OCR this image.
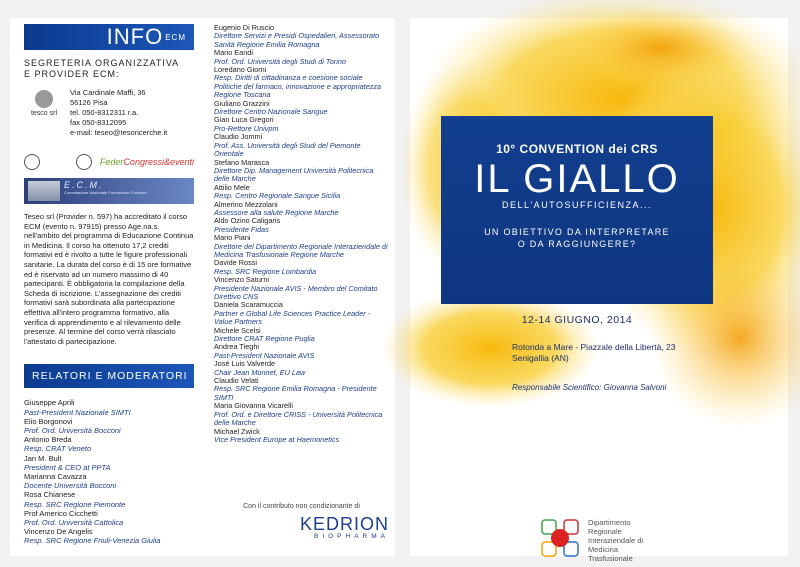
INFO ECM
SEGRETERIA ORGANIZZATIVA
E PROVIDER ECM:
tesco srl
Via Cardinale Maffi, 36
56126 Pisa
tel. 050-8312311 r.a.
fax 050-8312095
e-mail: teseo@tesoricerche.it
FederCongressi&eventi
E.C.M.
Commissione Nazionale Formazione Continua
Teseo srl (Provider n. 597) ha accreditato il corso ECM (evento n. 97915) presso Age.na.s. nell'ambito del programma di Educazione Continua in Medicina. Il corso ha ottenuto 17,2 crediti formativi ed è rivolto a tutte le figure professionali sanitarie. La durata del corso è di 15 ore formative ed è riservato ad un numero massimo di 40 partecipanti. È obbligatoria la compilazione della Scheda di iscrizione. L'assegnazione dei crediti formativi sarà subordinata alla partecipazione effettiva all'intero programma formativo, alla verifica di apprendimento e al rilevamento delle presenze. Al termine del corso verrà rilasciato l'attestato di partecipazione.
RELATORI E MODERATORI
Giuseppe Aprili
Past-President Nazionale SIMTI
Elio Borgonovi
Prof. Ord. Università Bocconi
Antonio Breda
Resp. CRAT Veneto
Jan M. Bult
President & CEO at PPTA
Marianna Cavazza
Docente Università Bocconi
Rosa Chianese
Resp. SRC Regione Piemonte
Prof Americo Cicchetti
Prof. Ord. Università Cattolica
Vincenzo De Angelis
Resp. SRC Regione Friuli-Venezia Giulia
Eugenio Di Ruscio
Direttore Servizi e Presidi Ospedalieri, Assessorato Sanità Regione Emilia Romagna
Mario Eandi
Prof. Ord. Università degli Studi di Torino
Loredano Giorni
Resp. Diritti di cittadinanza e coesione sociale Politiche del farmaco, innovazione e appropriatezza Regione Toscana
Giuliano Grazzini
Direttore Centro Nazionale Sangue
Gian Luca Gregori
Pro-Rettore Univpm
Claudio Jommi
Prof. Ass. Università degli Studi del Piemonte Orientale
Stefano Marasca
Direttore Dip. Management Università Politecnica delle Marche
Attilio Mele
Resp. Centro Regionale Sangue Sicilia
Almerino Mezzolani
Assessore alla salute Regione Marche
Aldo Ozino Caligaris
Presidente Fidas
Mario Piani
Direttore del Dipartimento Regionale Interaziendale di Medicina Trasfusionale Regione Marche
Davide Rossi
Resp. SRC Regione Lombardia
Vincenzo Saturni
Presidente Nazionale AVIS - Membro del Comitato Direttivo CNS
Daniela Scaramuccia
Partner e Global Life Sciences Practice Leader - Value Partners
Michele Scelsi
Direttore CRAT Regione Puglia
Andrea Tieghi
Past-President Nazionale AVIS
José Luis Valverde
Chair Jean Monnet, EU Law
Claudio Velati
Resp. SRC Regione Emilia Romagna - Presidente SIMTI
Maria Giovanna Vicarelli
Prof. Ord. e Direttore CRISS - Università Politecnica delle Marche
Michael Zwick
Vice President Europe at Haemonetics
Con il contributo non condizionante di
KEDRION
BIOPHARMA
10° CONVENTION dei CRS
IL GIALLO
DELL'AUTOSUFFICIENZA...
UN OBIETTIVO DA INTERPRETARE
O DA RAGGIUNGERE?
12-14 GIUGNO, 2014
Rotonda a Mare - Piazzale della Libertà, 23
Senigallia (AN)
Responsabile Scientifico: Giovanna Salvoni
Dipartimento
Regionale
Interaziendale di
Medicina
Trasfusionale
